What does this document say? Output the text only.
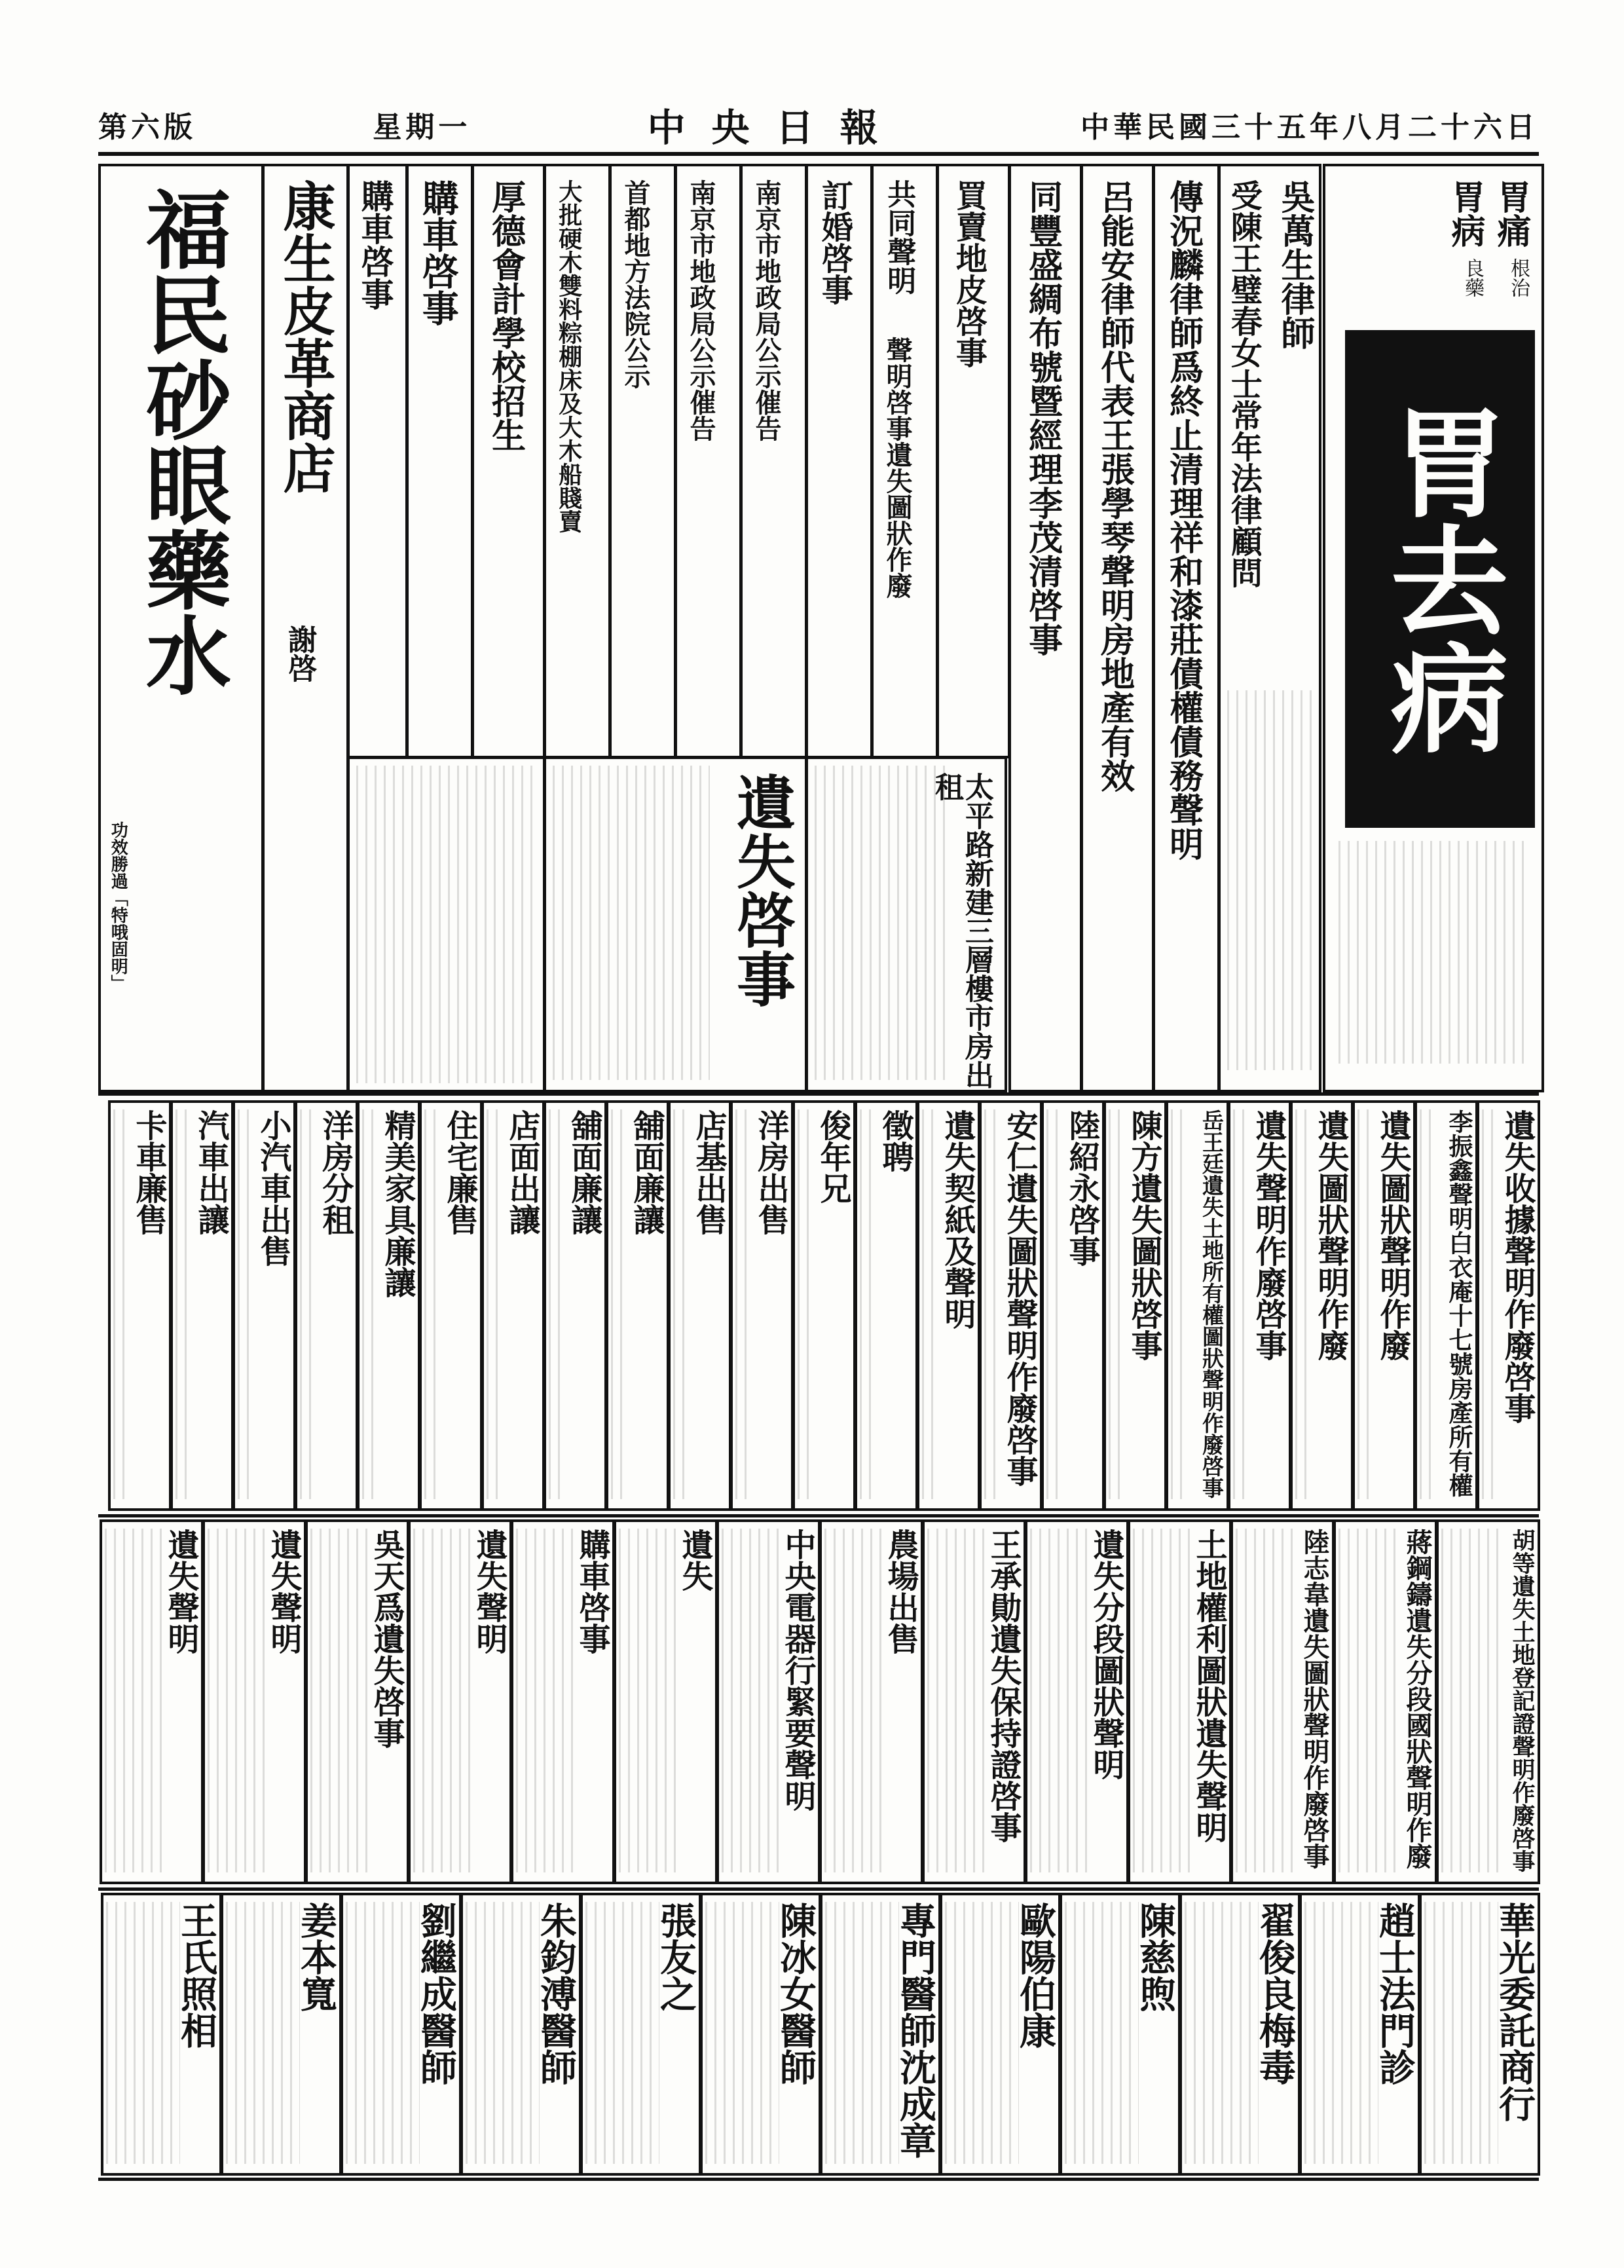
第六版	星期一	中央日報	中華民國三十五年八月二十六日
胃痛
胃病
根治
良藥
胃去病
吳萬生律師
受陳王璧春女士常年法律顧問
傳況麟律師爲終止清理祥和漆莊債權債務聲明
呂能安律師代表王張學琴聲明房地產有效
同豐盛綢布號暨經理李茂清啓事
買賣地皮啓事
共同聲明
聲明啓事遺失圖狀作廢
訂婚啓事
南京市地政局公示催告
南京市地政局公示催告
首都地方法院公示
大批硬木雙料粽棚床及大木船賤賣
厚德會計學校招生
購車啓事
購車啓事
康生皮革商店
謝啓
福民砂眼藥水
功效勝過「特哦固明」	遺失啓事	太平路新建三層樓市房出租
遺失收據聲明作廢啓事
李振鑫聲明白衣庵十七號房產所有權
遺失圖狀聲明作廢
遺失圖狀聲明作廢
遺失聲明作廢啓事
岳王廷遺失土地所有權圖狀聲明作廢啓事
陳方遺失圖狀啓事
陸紹永啓事
安仁遺失圖狀聲明作廢啓事
遺失契紙及聲明
徵聘
俊年兄
洋房出售
店基出售
舖面廉讓
舖面廉讓
店面出讓
住宅廉售
精美家具廉讓
洋房分租
小汽車出售
汽車出讓
卡車廉售
胡等遺失土地登記證聲明作廢啓事
蔣鋼鑄遺失分段國狀聲明作廢
陸志韋遺失圖狀聲明作廢啓事
土地權利圖狀遺失聲明
遺失分段圖狀聲明
王承勛遺失保持證啓事
農場出售
中央電器行緊要聲明
遺失
購車啓事
遺失聲明
吳天爲遺失啓事
遺失聲明
遺失聲明
華光委託商行
趙士法門診
翟俊良梅毒
陳慈煦
歐陽伯康
專門醫師沈成章
陳冰女醫師
張友之
朱鈞溥醫師
劉繼成醫師
姜本寬
王氏照相
